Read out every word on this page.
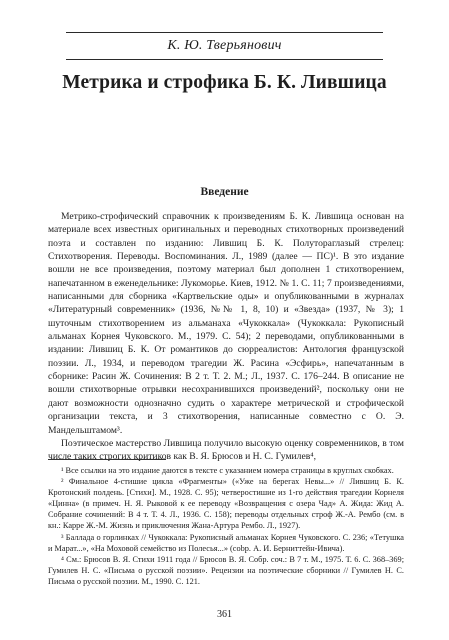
К. Ю. Тверьянович
Метрика и строфика Б. К. Лившица
Введение

Метрико-строфический справочник к произведениям Б. К. Лившица основан на материале всех известных оригинальных и переводных стихотворных произведений поэта и составлен по изданию: Лившиц Б. К. Полутораглазый стрелец: Стихотворения. Переводы. Воспоминания. Л., 1989 (далее — ПС)¹. В это издание вошли не все произведения, поэтому материал был дополнен 1 стихотворением, напечатанном в еженедельнике: Лукоморье. Киев, 1912. № 1. С. 11; 7 произведениями, написанными для сборника «Картвельские оды» и опубликованными в журналах «Литературный современник» (1936, №№ 1, 8, 10) и «Звезда» (1937, № 3); 1 шуточным стихотворением из альманаха «Чукоккала» (Чукоккала: Рукописный альманах Корнея Чуковского. М., 1979. С. 54); 2 переводами, опубликованными в издании: Лившиц Б. К. От романтиков до сюрреалистов: Антология французской поэзии. Л., 1934, и переводом трагедии Ж. Расина «Эсфирь», напечатанным в сборнике: Расин Ж. Сочинения: В 2 т. Т. 2. М.; Л., 1937. С. 176–244. В описание не вошли стихотворные отрывки несохранившихся произведений², поскольку они не дают возможности однозначно судить о характере метрической и строфической организации текста, и 3 стихотворения, написанные совместно с О. Э. Мандельштамом³.

Поэтическое мастерство Лившица получило высокую оценку современников, в том числе таких строгих критиков как В. Я. Брюсов и Н. С. Гумилев⁴,

¹ Все ссылки на это издание даются в тексте с указанием номера страницы в круглых скобках.

² Финальное 4-стишие цикла «Фрагменты» («Уже на берегах Невы...» // Лившиц Б. К. Кротонский полдень. [Стихи]. М., 1928. С. 95); четверостишие из 1-го действия трагедии Корнеля «Цинна» (в примеч. Н. Я. Рыковой к ее переводу «Возвращения с озера Чад» А. Жида: Жид А. Собрание сочинений: В 4 т. Т. 4. Л., 1936. С. 158); переводы отдельных строф Ж.-А. Рембо (см. в кн.: Карре Ж.-М. Жизнь и приключения Жана-Артура Рембо. Л., 1927).

³ Баллада о горлинках // Чукоккала: Рукописный альманах Корнея Чуковского. С. 236; «Тетушка и Марат...», «На Моховой семейство из Полесья...» (сobр. А. И. Берниттейн-Ивича).

⁴ См.: Брюсов В. Я. Стихи 1911 года // Брюсов В. Я. Собр. соч.: В 7 т. М., 1975. Т. 6. С. 368–369; Гумилев Н. С. «Письма о русской поэзии». Рецензии на поэтические сборники // Гумилев Н. С. Письма о русской поэзии. М., 1990. С. 121.

361
